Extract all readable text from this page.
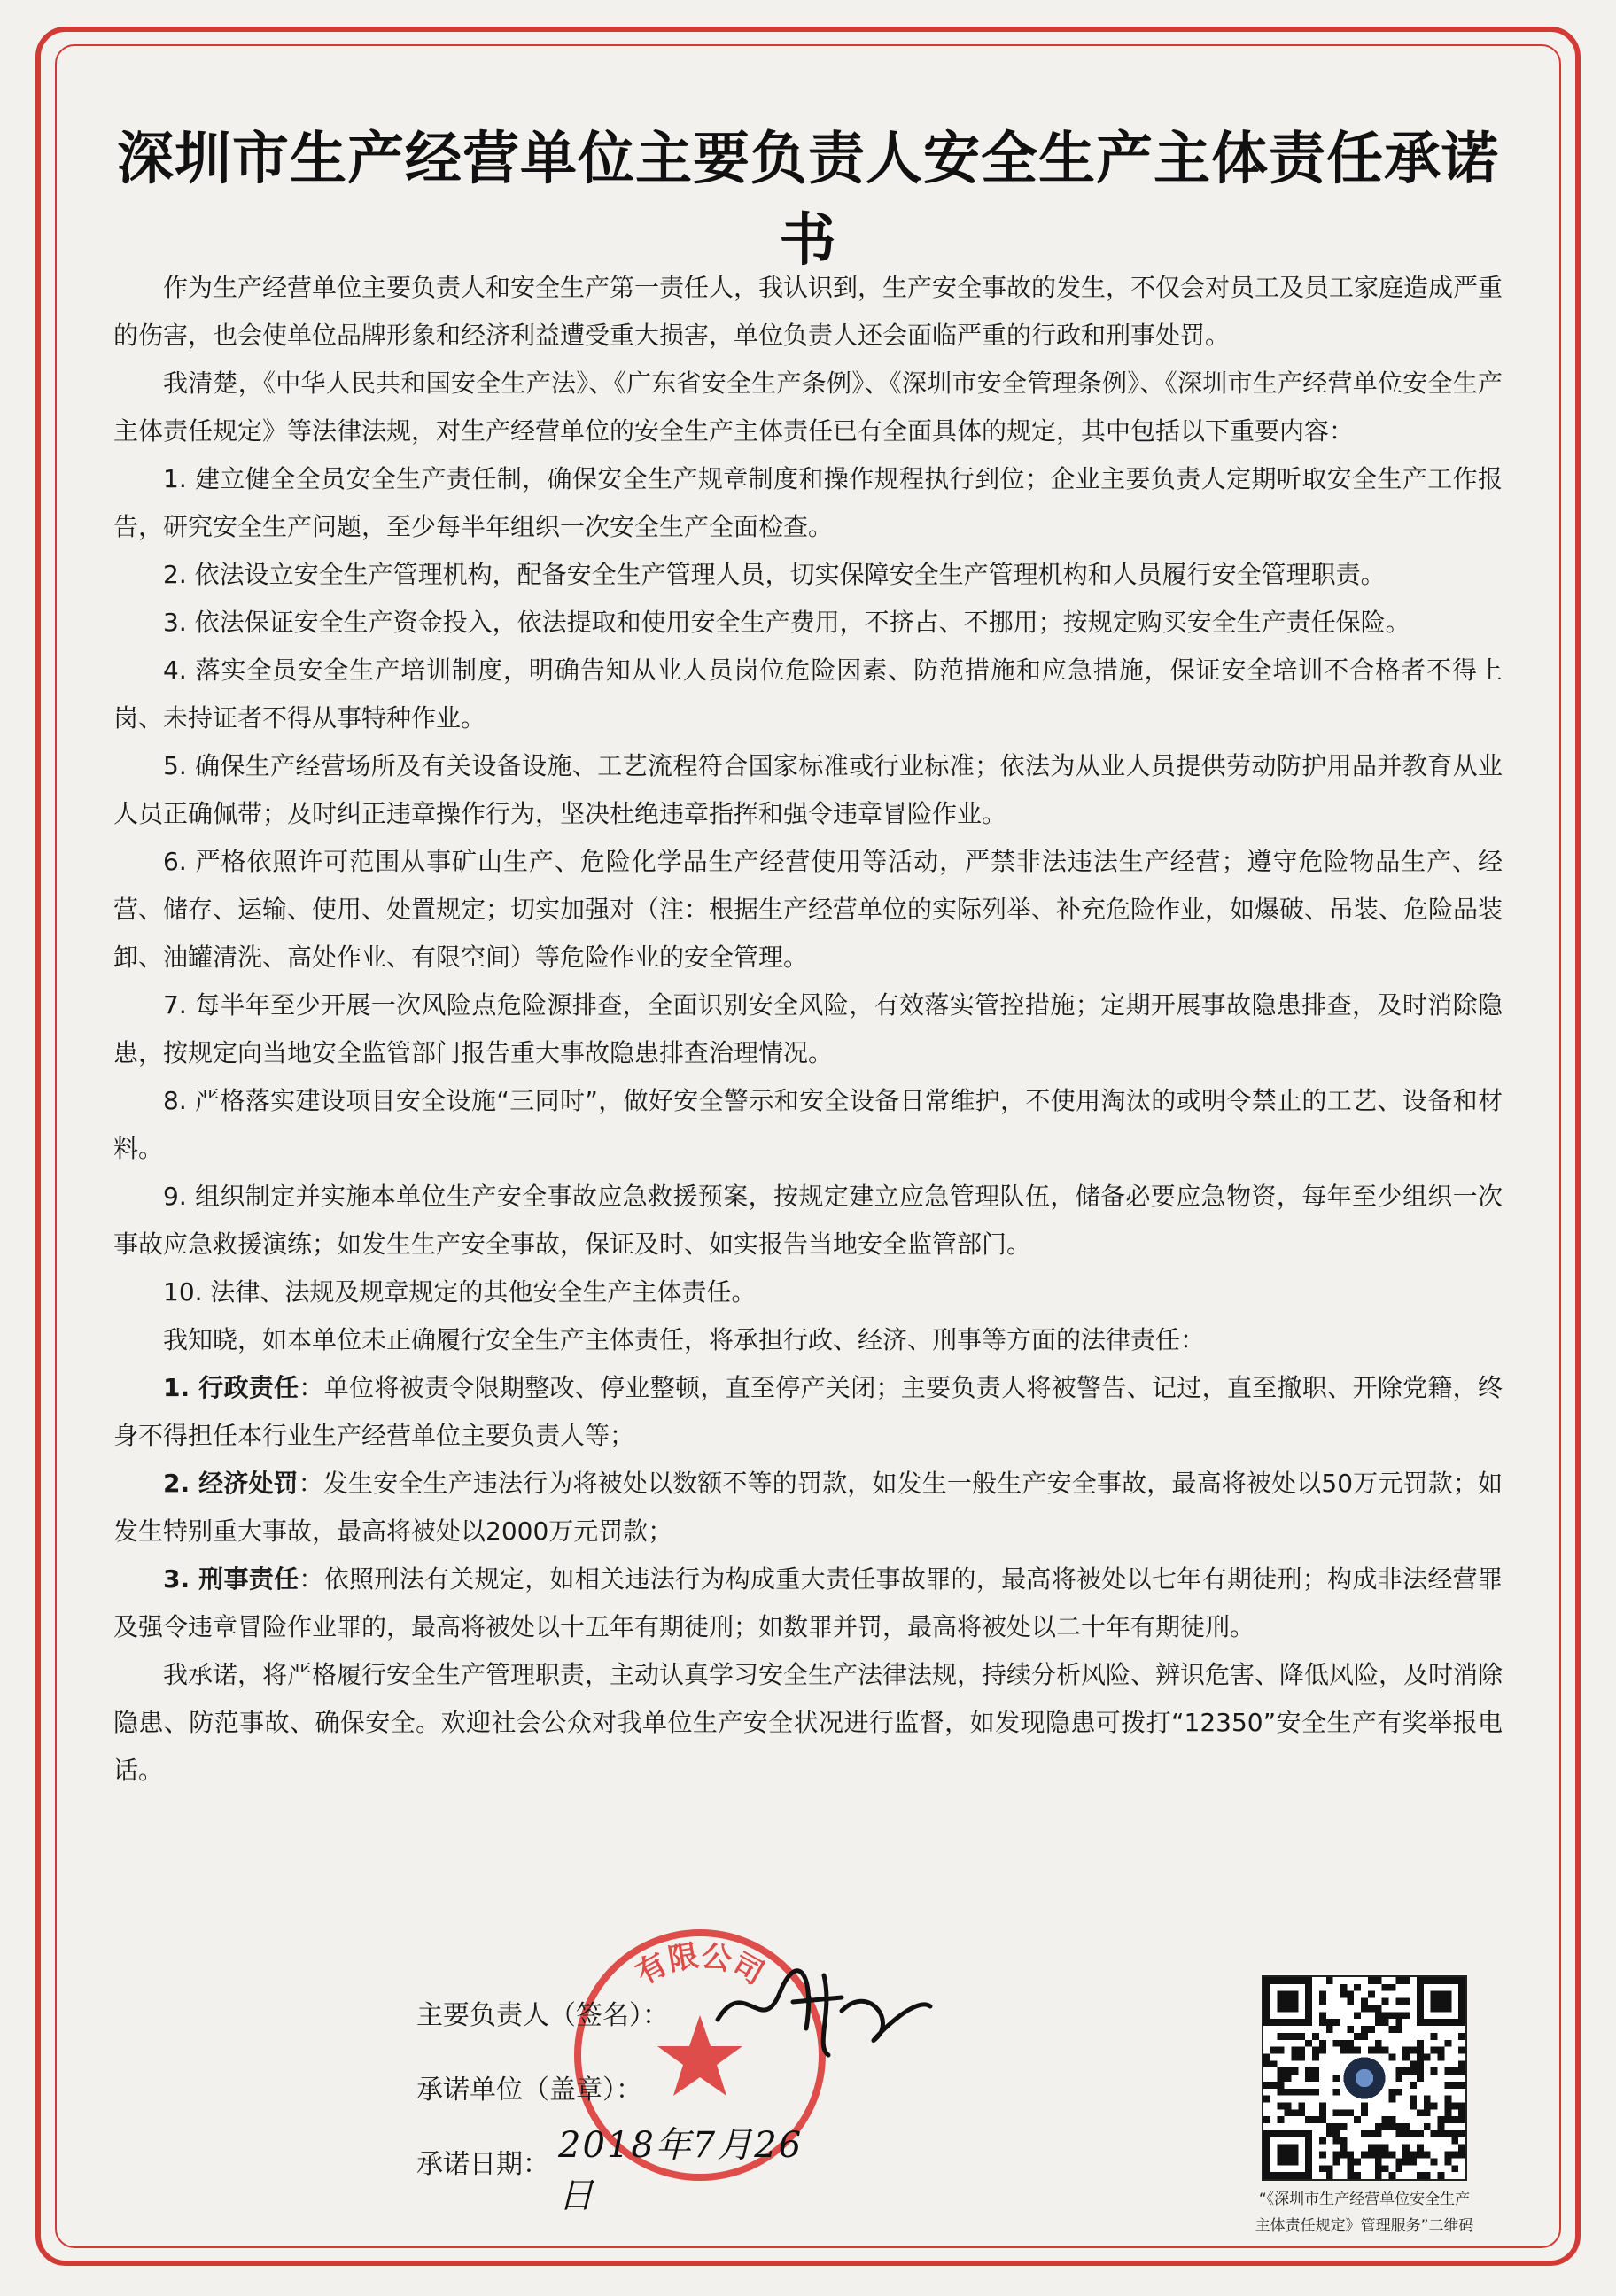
深圳市生产经营单位主要负责人安全生产主体责任承诺书

作为生产经营单位主要负责人和安全生产第一责任人，我认识到，生产安全事故的发生，不仅会对员工及员工家庭造成严重的伤害，也会使单位品牌形象和经济利益遭受重大损害，单位负责人还会面临严重的行政和刑事处罚。

我清楚，《中华人民共和国安全生产法》、《广东省安全生产条例》、《深圳市安全管理条例》、《深圳市生产经营单位安全生产主体责任规定》等法律法规，对生产经营单位的安全生产主体责任已有全面具体的规定，其中包括以下重要内容：

1. 建立健全全员安全生产责任制，确保安全生产规章制度和操作规程执行到位；企业主要负责人定期听取安全生产工作报告，研究安全生产问题，至少每半年组织一次安全生产全面检查。

2. 依法设立安全生产管理机构，配备安全生产管理人员，切实保障安全生产管理机构和人员履行安全管理职责。

3. 依法保证安全生产资金投入，依法提取和使用安全生产费用，不挤占、不挪用；按规定购买安全生产责任保险。

4. 落实全员安全生产培训制度，明确告知从业人员岗位危险因素、防范措施和应急措施，保证安全培训不合格者不得上岗、未持证者不得从事特种作业。

5. 确保生产经营场所及有关设备设施、工艺流程符合国家标准或行业标准；依法为从业人员提供劳动防护用品并教育从业人员正确佩带；及时纠正违章操作行为，坚决杜绝违章指挥和强令违章冒险作业。

6. 严格依照许可范围从事矿山生产、危险化学品生产经营使用等活动，严禁非法违法生产经营；遵守危险物品生产、经营、储存、运输、使用、处置规定；切实加强对（注：根据生产经营单位的实际列举、补充危险作业，如爆破、吊装、危险品装卸、油罐清洗、高处作业、有限空间）等危险作业的安全管理。

7. 每半年至少开展一次风险点危险源排查，全面识别安全风险，有效落实管控措施；定期开展事故隐患排查，及时消除隐患，按规定向当地安全监管部门报告重大事故隐患排查治理情况。

8. 严格落实建设项目安全设施“三同时”，做好安全警示和安全设备日常维护，不使用淘汰的或明令禁止的工艺、设备和材料。

9. 组织制定并实施本单位生产安全事故应急救援预案，按规定建立应急管理队伍，储备必要应急物资，每年至少组织一次事故应急救援演练；如发生生产安全事故，保证及时、如实报告当地安全监管部门。

10. 法律、法规及规章规定的其他安全生产主体责任。

我知晓，如本单位未正确履行安全生产主体责任，将承担行政、经济、刑事等方面的法律责任：

1. 行政责任：单位将被责令限期整改、停业整顿，直至停产关闭；主要负责人将被警告、记过，直至撤职、开除党籍，终身不得担任本行业生产经营单位主要负责人等；

2. 经济处罚：发生安全生产违法行为将被处以数额不等的罚款，如发生一般生产安全事故，最高将被处以50万元罚款；如发生特别重大事故，最高将被处以2000万元罚款；

3. 刑事责任：依照刑法有关规定，如相关违法行为构成重大责任事故罪的，最高将被处以七年有期徒刑；构成非法经营罪及强令违章冒险作业罪的，最高将被处以十五年有期徒刑；如数罪并罚，最高将被处以二十年有期徒刑。

我承诺，将严格履行安全生产管理职责，主动认真学习安全生产法律法规，持续分析风险、辨识危害、降低风险，及时消除隐患、防范事故、确保安全。欢迎社会公众对我单位生产安全状况进行监督，如发现隐患可拨打“12350”安全生产有奖举报电话。

有限公司
主要负责人（签名）：
承诺单位（盖章）：
承诺日期： 2018年7月26日	“《深圳市生产经营单位安全生产
主体责任规定》管理服务”二维码
